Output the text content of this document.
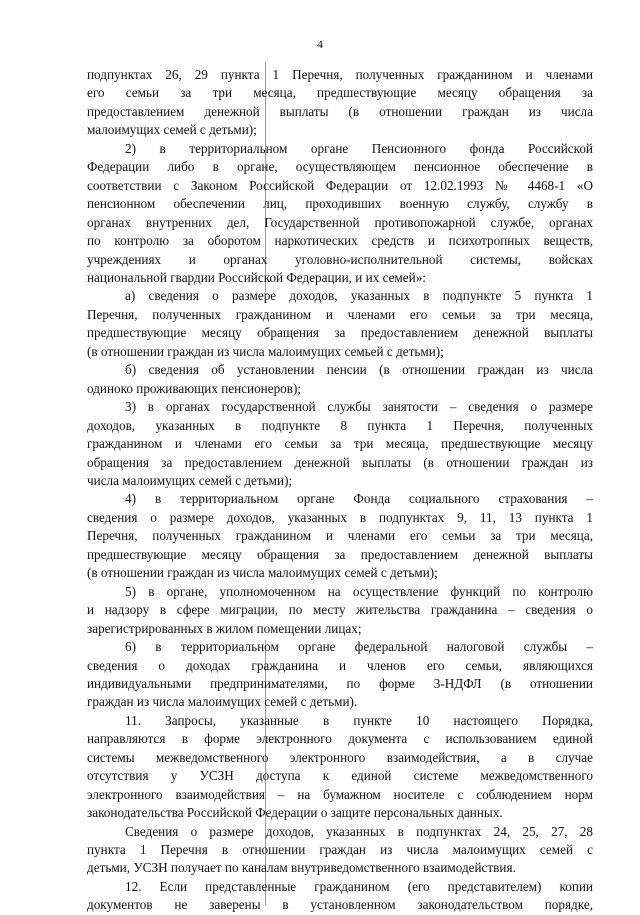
4

подпунктах 26, 29 пункта 1 Перечня, полученных гражданином и членами
его семьи за три месяца, предшествующие месяцу обращения за
предоставлением денежной выплаты (в отношении граждан из числа
малоимущих семей с детьми);

2) в территориальном органе Пенсионного фонда Российской
Федерации либо в органе, осуществляющем пенсионное обеспечение в
соответствии с Законом Российской Федерации от 12.02.1993 № 4468-1 «О
пенсионном обеспечении лиц, проходивших военную службу, службу в
органах внутренних дел, Государственной противопожарной службе, органах
по контролю за оборотом наркотических средств и психотропных веществ,
учреждениях и органах уголовно-исполнительной системы, войсках
национальной гвардии Российской Федерации, и их семей»:

а) сведения о размере доходов, указанных в подпункте 5 пункта 1
Перечня, полученных гражданином и членами его семьи за три месяца,
предшествующие месяцу обращения за предоставлением денежной выплаты
(в отношении граждан из числа малоимущих семьей с детьми);

б) сведения об установлении пенсии (в отношении граждан из числа
одиноко проживающих пенсионеров);

3) в органах государственной службы занятости – сведения о размере
доходов, указанных в подпункте 8 пункта 1 Перечня, полученных
гражданином и членами его семьи за три месяца, предшествующие месяцу
обращения за предоставлением денежной выплаты (в отношении граждан из
числа малоимущих семей с детьми);

4) в территориальном органе Фонда социального страхования –
сведения о размере доходов, указанных в подпунктах 9, 11, 13 пункта 1
Перечня, полученных гражданином и членами его семьи за три месяца,
предшествующие месяцу обращения за предоставлением денежной выплаты
(в отношении граждан из числа малоимущих семей с детьми);

5) в органе, уполномоченном на осуществление функций по контролю
и надзору в сфере миграции, по месту жительства гражданина – сведения о
зарегистрированных в жилом помещении лицах;

6) в территориальном органе федеральной налоговой службы –
сведения о доходах гражданина и членов его семьи, являющихся
индивидуальными предпринимателями, по форме 3-НДФЛ (в отношении
граждан из числа малоимущих семей с детьми).

11. Запросы, указанные в пункте 10 настоящего Порядка,
направляются в форме электронного документа с использованием единой
системы межведомственного электронного взаимодействия, а в случае
отсутствия у УСЗН доступа к единой системе межведомственного
электронного взаимодействия – на бумажном носителе с соблюдением норм
законодательства Российской Федерации о защите персональных данных.

Сведения о размере доходов, указанных в подпунктах 24, 25, 27, 28
пункта 1 Перечня в отношении граждан из числа малоимущих семей с
детьми, УСЗН получает по каналам внутриведомственного взаимодействия.

12. Если представленные гражданином (его представителем) копии
документов не заверены в установленном законодательством порядке,
